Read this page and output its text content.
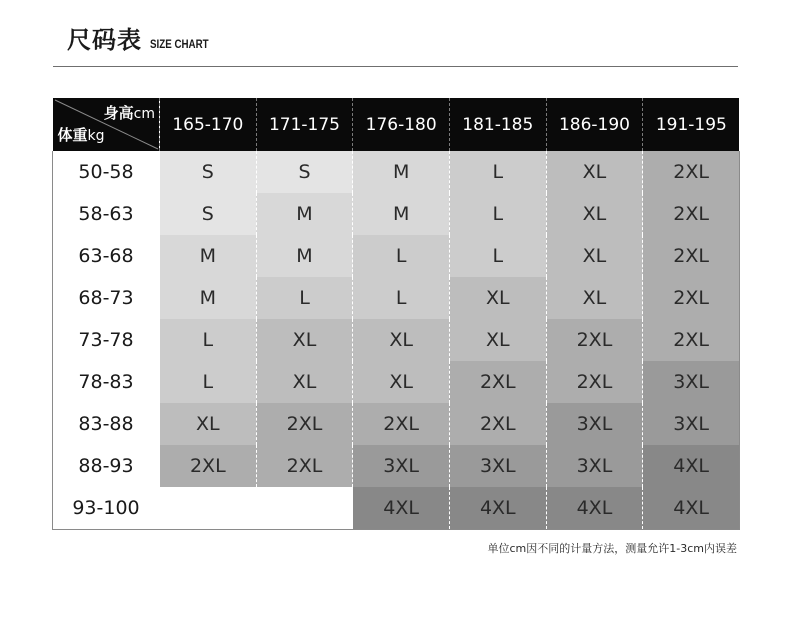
尺码表 SIZE CHART
身高cm
体重kg	165-170	171-175	176-180	181-185	186-190	191-195
50-58	S	S	M	L	XL	2XL
58-63	S	M	M	L	XL	2XL
63-68	M	M	L	L	XL	2XL
68-73	M	L	L	XL	XL	2XL
73-78	L	XL	XL	XL	2XL	2XL
78-83	L	XL	XL	2XL	2XL	3XL
83-88	XL	2XL	2XL	2XL	3XL	3XL
88-93	2XL	2XL	3XL	3XL	3XL	4XL
93-100			4XL	4XL	4XL	4XL
单位cm因不同的计量方法，测量允许1-3cm内误差
